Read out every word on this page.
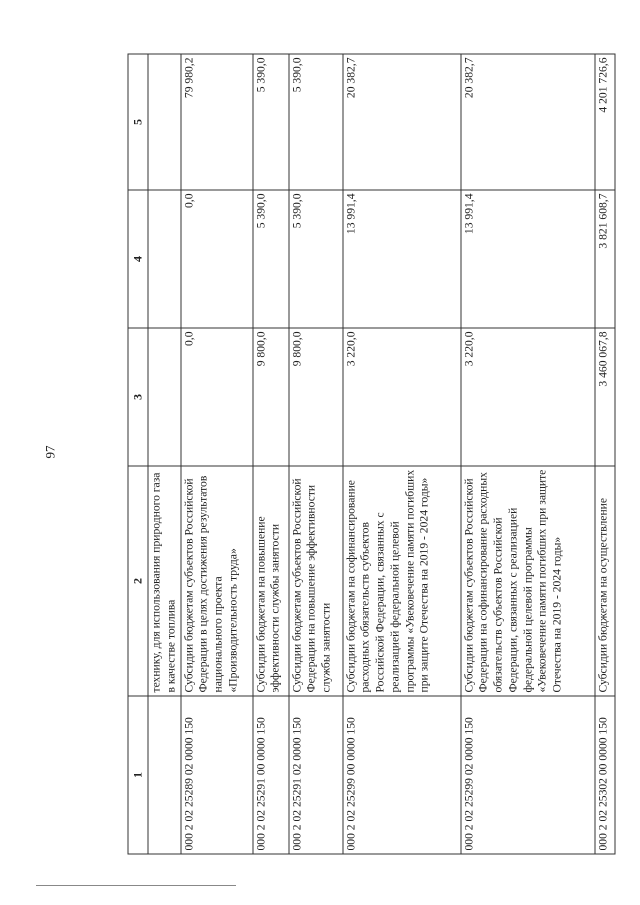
97
1	2	3	4	5
	технику, для использования природного газа в качестве топлива			
000 2 02 25289 02 0000 150	Субсидии бюджетам субъектов Российской Федерации в целях достижения результатов национального проекта «Производительность труда»	0,0	0,0	79 980,2
000 2 02 25291 00 0000 150	Субсидии бюджетам на повышение эффективности службы занятости	9 800,0	5 390,0	5 390,0
000 2 02 25291 02 0000 150	Субсидии бюджетам субъектов Российской Федерации на повышение эффективности службы занятости	9 800,0	5 390,0	5 390,0
000 2 02 25299 00 0000 150	Субсидии бюджетам на софинансирование расходных обязательств субъектов Российской Федерации, связанных с реализацией федеральной целевой программы «Увековечение памяти погибших при защите Отечества на 2019 - 2024 годы»	3 220,0	13 991,4	20 382,7
000 2 02 25299 02 0000 150	Субсидии бюджетам субъектов Российской Федерации на софинансирование расходных обязательств субъектов Российской Федерации, связанных с реализацией федеральной целевой программы «Увековечение памяти погибших при защите Отечества на 2019 - 2024 годы»	3 220,0	13 991,4	20 382,7
000 2 02 25302 00 0000 150	Субсидии бюджетам на осуществление	3 460 067,8	3 821 608,7	4 201 726,6
